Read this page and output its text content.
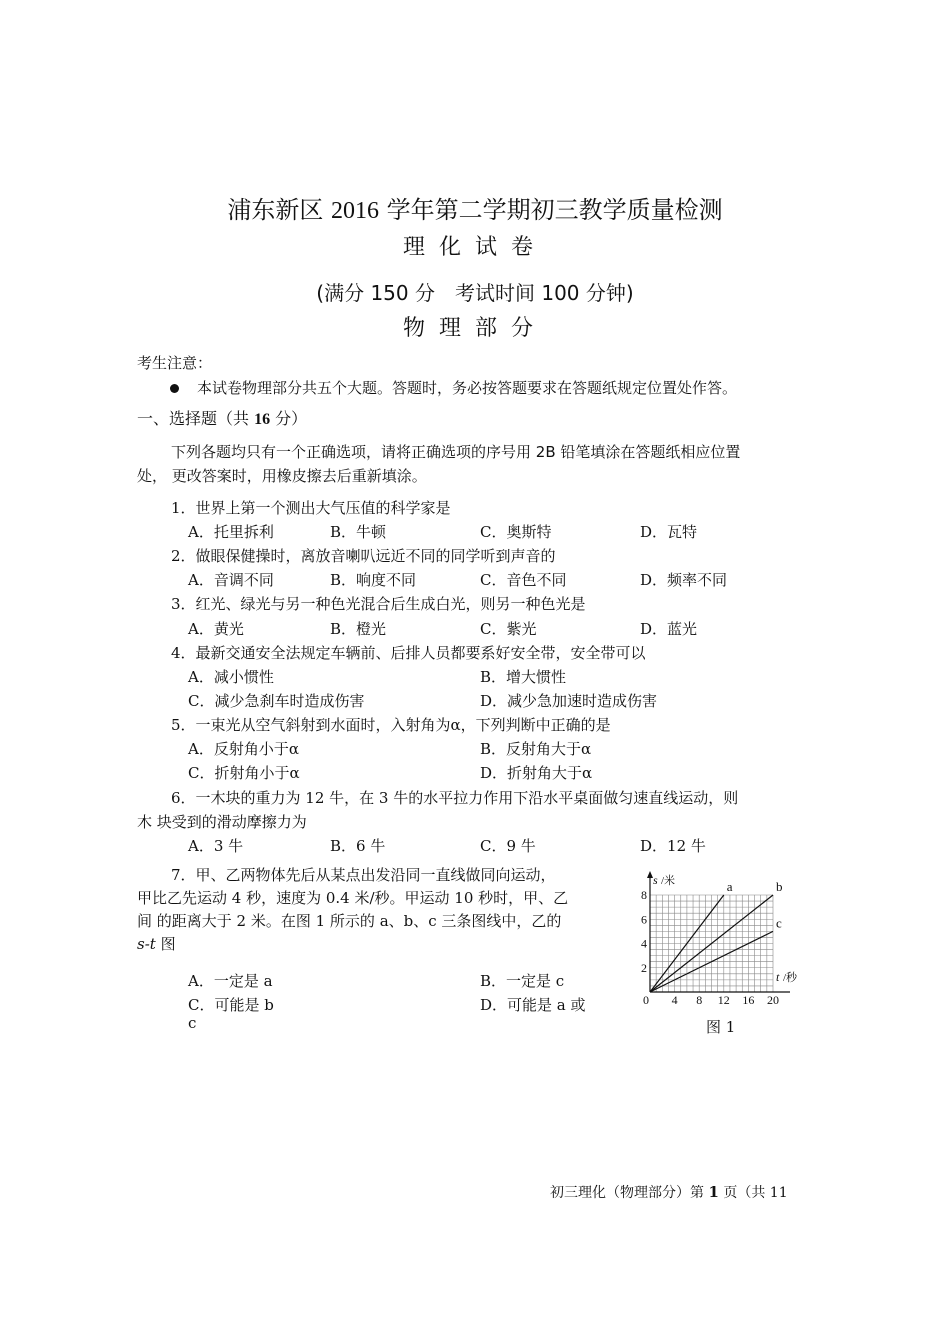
浦东新区 2016 学年第二学期初三教学质量检测
理化试卷
(满分 150 分　考试时间 100 分钟)
物理部分
考生注意：
本试卷物理部分共五个大题。答题时，务必按答题要求在答题纸规定位置处作答。
一、选择题（共 16 分）
下列各题均只有一个正确选项，请将正确选项的序号用 2B 铅笔填涂在答题纸相应位置
处， 更改答案时，用橡皮擦去后重新填涂。
1．世界上第一个测出大气压值的科学家是
A．托里拆利	B．牛顿	C．奥斯特	D．瓦特
2．做眼保健操时，离放音喇叭远近不同的同学听到声音的
A．音调不同	B．响度不同	C．音色不同	D．频率不同
3．红光、绿光与另一种色光混合后生成白光，则另一种色光是
A．黄光	B．橙光	C．紫光	D．蓝光
4．最新交通安全法规定车辆前、后排人员都要系好安全带，安全带可以
A．减小惯性	B．增大惯性
C．减少急刹车时造成伤害	D．减少急加速时造成伤害
5．一束光从空气斜射到水面时，入射角为α，下列判断中正确的是
A．反射角小于α	B．反射角大于α
C．折射角小于α	D．折射角大于α
6．一木块的重力为 12 牛，在 3 牛的水平拉力作用下沿水平桌面做匀速直线运动，则
木 块受到的滑动摩擦力为
A．3 牛	B．6 牛	C．9 牛	D．12 牛
7．甲、乙两物体先后从某点出发沿同一直线做同向运动，
甲比乙先运动 4 秒，速度为 0.4 米/秒。甲运动 10 秒时，甲、乙
间 的距离大于 2 米。在图 1 所示的 a、b、c 三条图线中，乙的
s-t 图
A．一定是 a	B．一定是 c
C．可能是 b	D．可能是 a 或
c
a	b
c
s /米
t /秒
0
2
4
6
8
4 8 12 16 20
图 1
初三理化（物理部分）第 1 页（共 11
